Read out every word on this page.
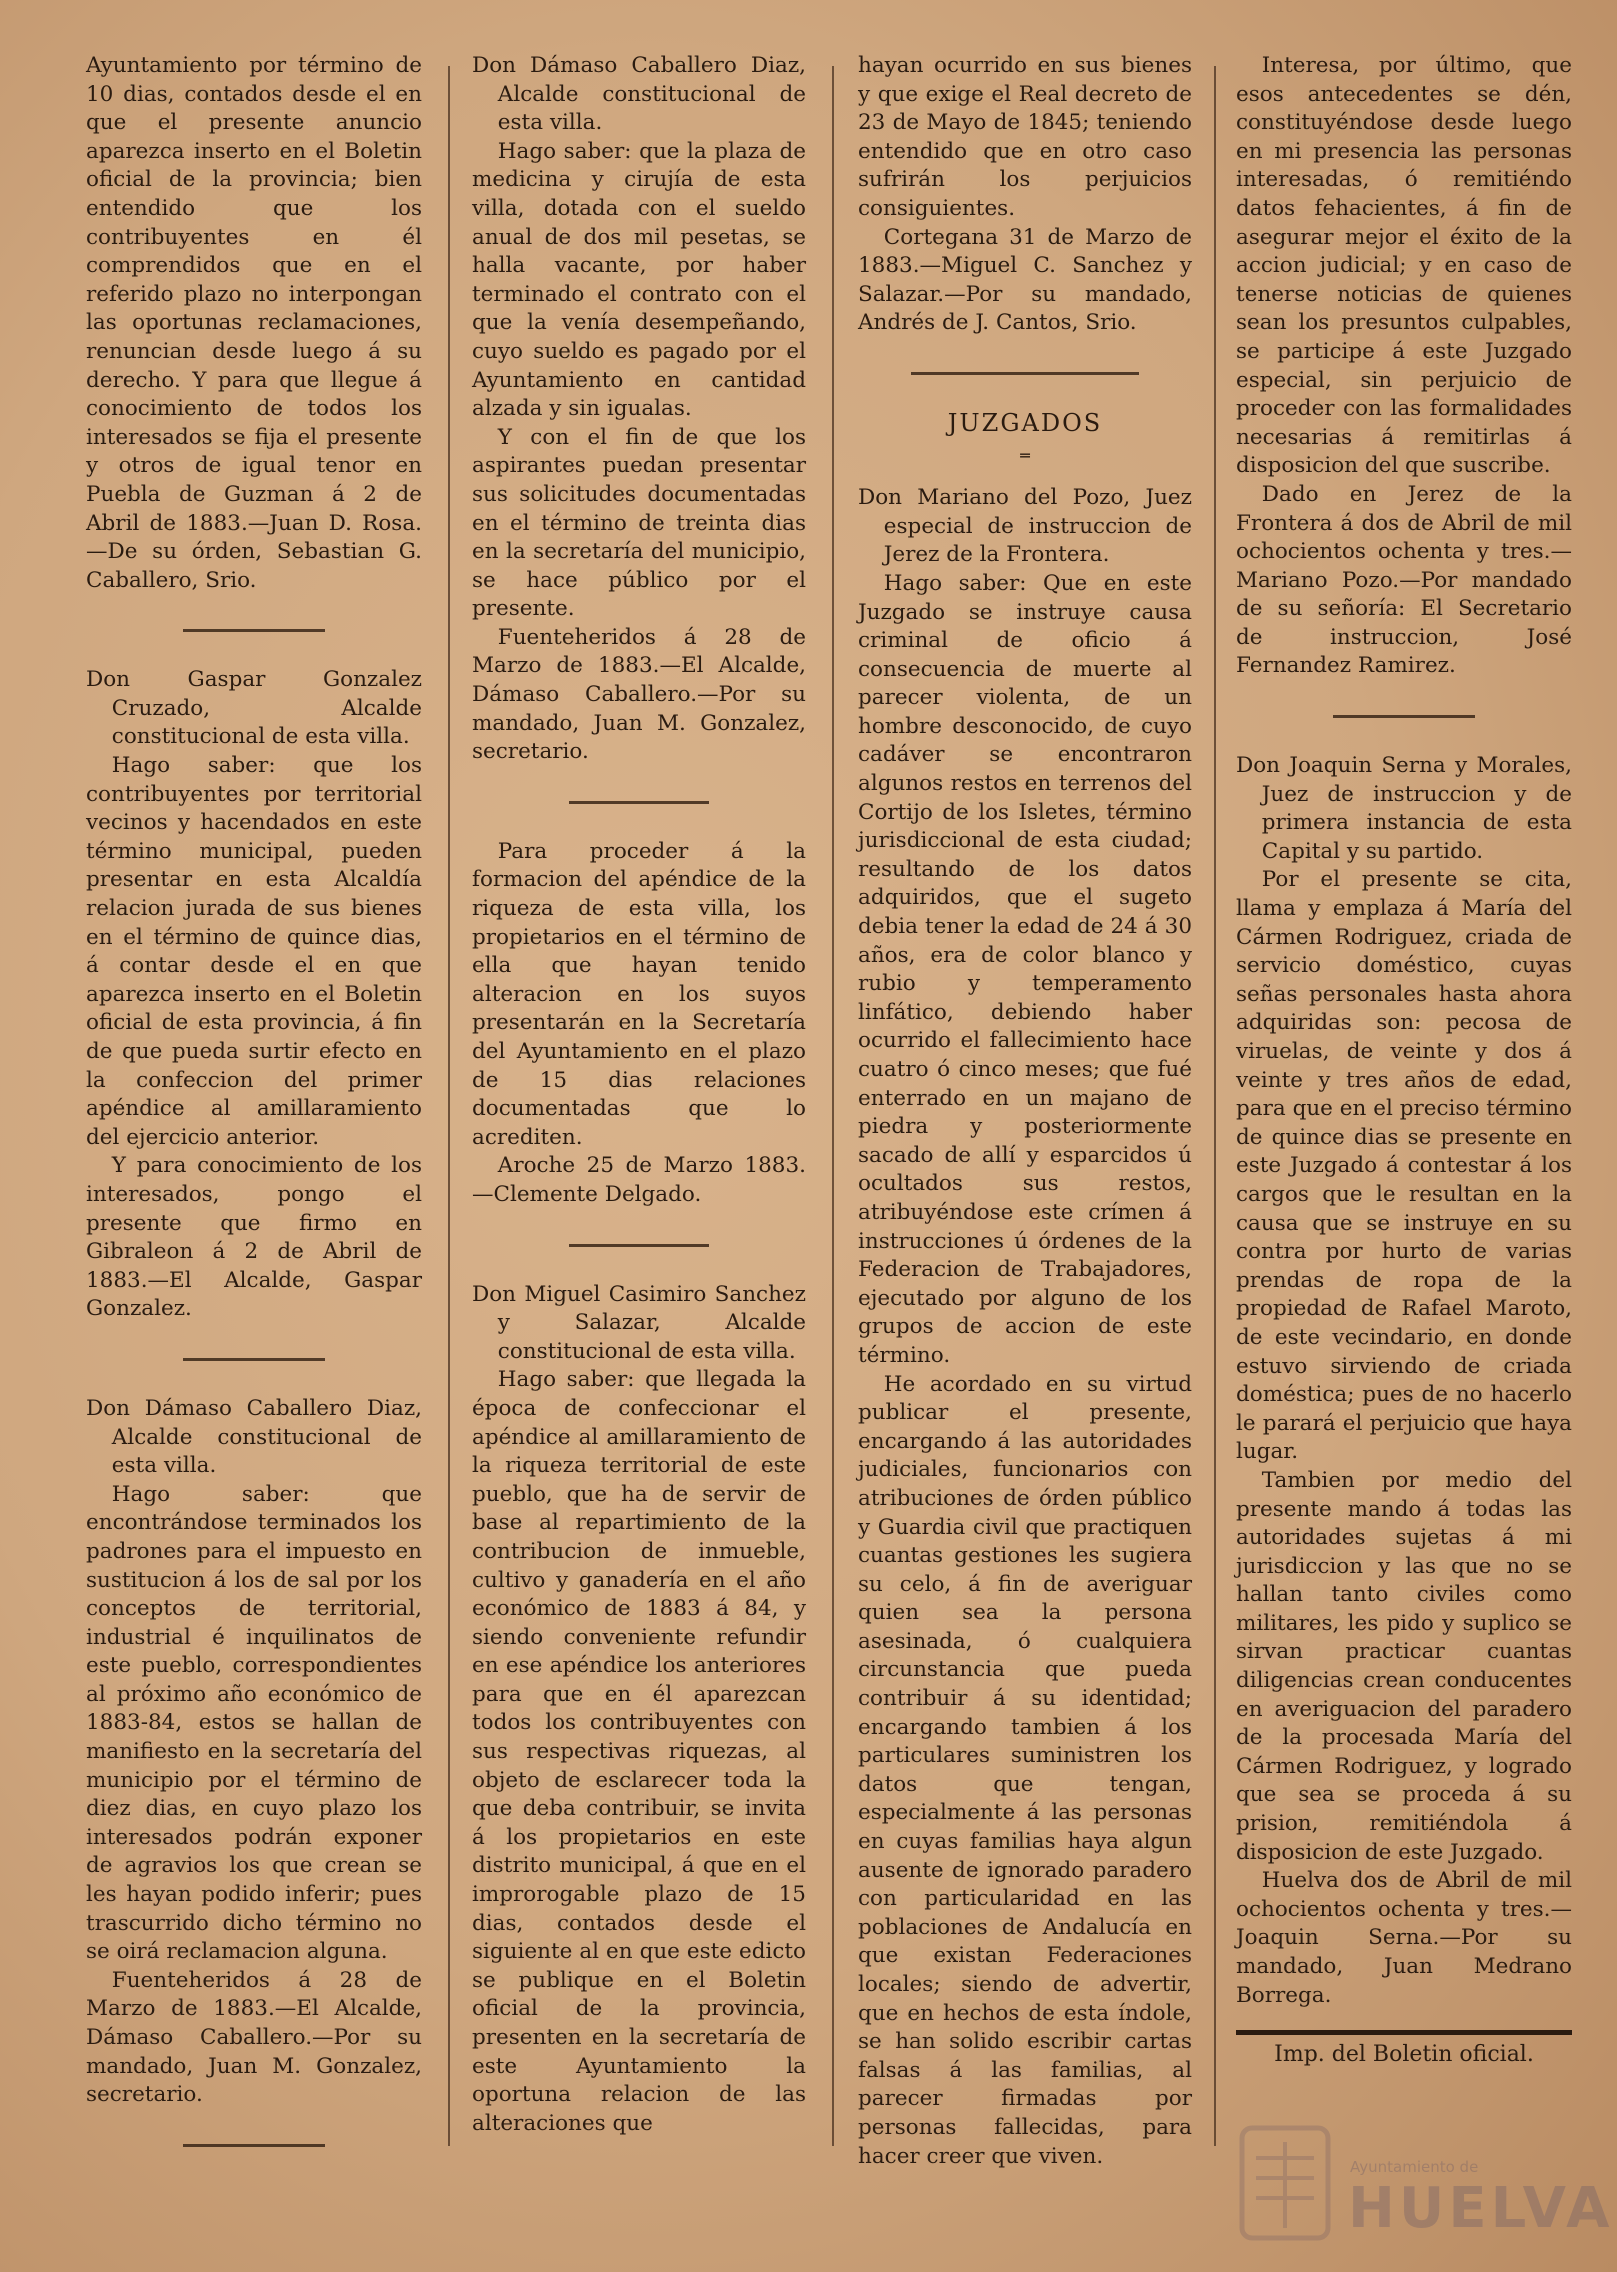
Ayuntamiento por término de 10 dias, contados desde el en que el presente anuncio aparezca inserto en el Boletin oficial de la provincia; bien entendido que los contribuyentes en él comprendidos que en el referido plazo no interpongan las oportunas reclamaciones, renuncian desde luego á su derecho. Y para que llegue á conocimiento de todos los interesados se fija el presente y otros de igual tenor en Puebla de Guzman á 2 de Abril de 1883.—Juan D. Rosa.—De su órden, Sebastian G. Caballero, Srio.

Don Gaspar Gonzalez Cruzado, Alcalde constitucional de esta villa.

Hago saber: que los contribuyentes por territorial vecinos y hacendados en este término municipal, pueden presentar en esta Alcaldía relacion jurada de sus bienes en el término de quince dias, á contar desde el en que aparezca inserto en el Boletin oficial de esta provincia, á fin de que pueda surtir efecto en la confeccion del primer apéndice al amillaramiento del ejercicio anterior.

Y para conocimiento de los interesados, pongo el presente que firmo en Gibraleon á 2 de Abril de 1883.—El Alcalde, Gaspar Gonzalez.

Don Dámaso Caballero Diaz, Alcalde constitucional de esta villa.

Hago saber: que encontrándose terminados los padrones para el impuesto en sustitucion á los de sal por los conceptos de territorial, industrial é inquilinatos de este pueblo, correspondientes al próximo año económico de 1883-84, estos se hallan de manifiesto en la secretaría del municipio por el término de diez dias, en cuyo plazo los interesados podrán exponer de agravios los que crean se les hayan podido inferir; pues trascurrido dicho término no se oirá reclamacion alguna.

Fuenteheridos á 28 de Marzo de 1883.—El Alcalde, Dámaso Caballero.—Por su mandado, Juan M. Gonzalez, secretario.

Don Dámaso Caballero Diaz, Alcalde constitucional de esta villa.

Hago saber: que la plaza de medicina y cirujía de esta villa, dotada con el sueldo anual de dos mil pesetas, se halla vacante, por haber terminado el contrato con el que la venía desempeñando, cuyo sueldo es pagado por el Ayuntamiento en cantidad alzada y sin igualas.

Y con el fin de que los aspirantes puedan presentar sus solicitudes documentadas en el término de treinta dias en la secretaría del municipio, se hace público por el presente.

Fuenteheridos á 28 de Marzo de 1883.—El Alcalde, Dámaso Caballero.—Por su mandado, Juan M. Gonzalez, secretario.

Para proceder á la formacion del apéndice de la riqueza de esta villa, los propietarios en el término de ella que hayan tenido alteracion en los suyos presentarán en la Secretaría del Ayuntamiento en el plazo de 15 dias relaciones documentadas que lo acrediten.

Aroche 25 de Marzo 1883. —Clemente Delgado.

Don Miguel Casimiro Sanchez y Salazar, Alcalde constitucional de esta villa.

Hago saber: que llegada la época de confeccionar el apéndice al amillaramiento de la riqueza territorial de este pueblo, que ha de servir de base al repartimiento de la contribucion de inmueble, cultivo y ganadería en el año económico de 1883 á 84, y siendo conveniente refundir en ese apéndice los anteriores para que en él aparezcan todos los contribuyentes con sus respectivas riquezas, al objeto de esclarecer toda la que deba contribuir, se invita á los propietarios en este distrito municipal, á que en el improrogable plazo de 15 dias, contados desde el siguiente al en que este edicto se publique en el Boletin oficial de la provincia, presenten en la secretaría de este Ayuntamiento la oportuna relacion de las alteraciones que

hayan ocurrido en sus bienes y que exige el Real decreto de 23 de Mayo de 1845; teniendo entendido que en otro caso sufrirán los perjuicios consiguientes.

Cortegana 31 de Marzo de 1883.—Miguel C. Sanchez y Salazar.—Por su mandado, Andrés de J. Cantos, Srio.

JUZGADOS
═

Don Mariano del Pozo, Juez especial de instruccion de Jerez de la Frontera.

Hago saber: Que en este Juzgado se instruye causa criminal de oficio á consecuencia de muerte al parecer violenta, de un hombre desconocido, de cuyo cadáver se encontraron algunos restos en terrenos del Cortijo de los Isletes, término jurisdiccional de esta ciudad; resultando de los datos adquiridos, que el sugeto debia tener la edad de 24 á 30 años, era de color blanco y rubio y temperamento linfático, debiendo haber ocurrido el fallecimiento hace cuatro ó cinco meses; que fué enterrado en un majano de piedra y posteriormente sacado de allí y esparcidos ú ocultados sus restos, atribuyéndose este crímen á instrucciones ú órdenes de la Federacion de Trabajadores, ejecutado por alguno de los grupos de accion de este término.

He acordado en su virtud publicar el presente, encargando á las autoridades judiciales, funcionarios con atribuciones de órden público y Guardia civil que practiquen cuantas gestiones les sugiera su celo, á fin de averiguar quien sea la persona asesinada, ó cualquiera circunstancia que pueda contribuir á su identidad; encargando tambien á los particulares suministren los datos que tengan, especialmente á las personas en cuyas familias haya algun ausente de ignorado paradero con particularidad en las poblaciones de Andalucía en que existan Federaciones locales; siendo de advertir, que en hechos de esta índole, se han solido escribir cartas falsas á las familias, al parecer firmadas por personas fallecidas, para hacer creer que viven.

Interesa, por último, que esos antecedentes se dén, constituyéndose desde luego en mi presencia las personas interesadas, ó remitiéndo datos fehacientes, á fin de asegurar mejor el éxito de la accion judicial; y en caso de tenerse noticias de quienes sean los presuntos culpables, se participe á este Juzgado especial, sin perjuicio de proceder con las formalidades necesarias á remitirlas á disposicion del que suscribe.

Dado en Jerez de la Frontera á dos de Abril de mil ochocientos ochenta y tres.—Mariano Pozo.—Por mandado de su señoría: El Secretario de instruccion, José Fernandez Ramirez.

Don Joaquin Serna y Morales, Juez de instruccion y de primera instancia de esta Capital y su partido.

Por el presente se cita, llama y emplaza á María del Cármen Rodriguez, criada de servicio doméstico, cuyas señas personales hasta ahora adquiridas son: pecosa de viruelas, de veinte y dos á veinte y tres años de edad, para que en el preciso término de quince dias se presente en este Juzgado á contestar á los cargos que le resultan en la causa que se instruye en su contra por hurto de varias prendas de ropa de la propiedad de Rafael Maroto, de este vecindario, en donde estuvo sirviendo de criada doméstica; pues de no hacerlo le parará el perjuicio que haya lugar.

Tambien por medio del presente mando á todas las autoridades sujetas á mi jurisdiccion y las que no se hallan tanto civiles como militares, les pido y suplico se sirvan practicar cuantas diligencias crean conducentes en averiguacion del paradero de la procesada María del Cármen Rodriguez, y logrado que sea se proceda á su prision, remitiéndola á disposicion de este Juzgado.

Huelva dos de Abril de mil ochocientos ochenta y tres.—Joaquin Serna.—Por su mandado, Juan Medrano Borrega.

Imp. del Boletin oficial.
Ayuntamiento de
HUELVA
